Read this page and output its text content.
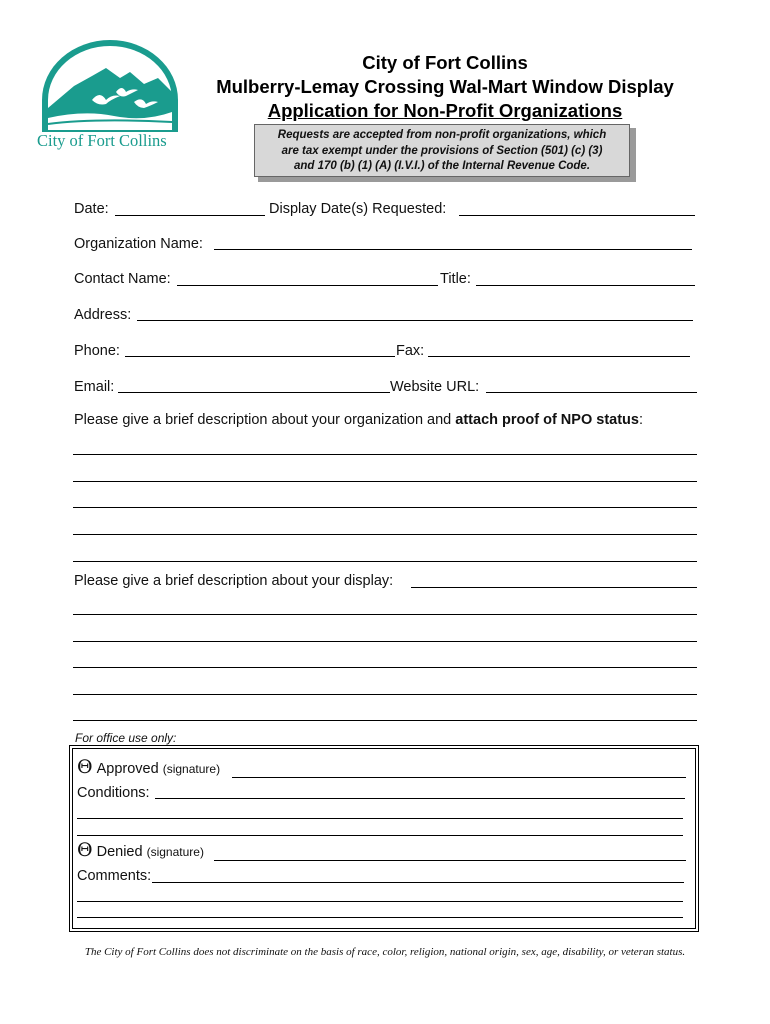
City of Fort Collins
City of Fort Collins
Mulberry-Lemay Crossing Wal-Mart Window Display
Application for Non-Profit Organizations
Requests are accepted from non-profit organizations, which
are tax exempt under the provisions of Section (501) (c) (3)
and 170 (b) (1) (A) (I.V.I.) of the Internal Revenue Code.
Date:	Display Date(s) Requested:
Organization Name:
Contact Name:	Title:
Address:
Phone:	Fax:
Email:	Website URL:
Please give a brief description about your organization and attach proof of NPO status:
Please give a brief description about your display:
For office use only:
Θ Approved (signature)
Conditions:
Θ Denied (signature)
Comments:
The City of Fort Collins does not discriminate on the basis of race, color, religion, national origin, sex, age, disability, or veteran status.
